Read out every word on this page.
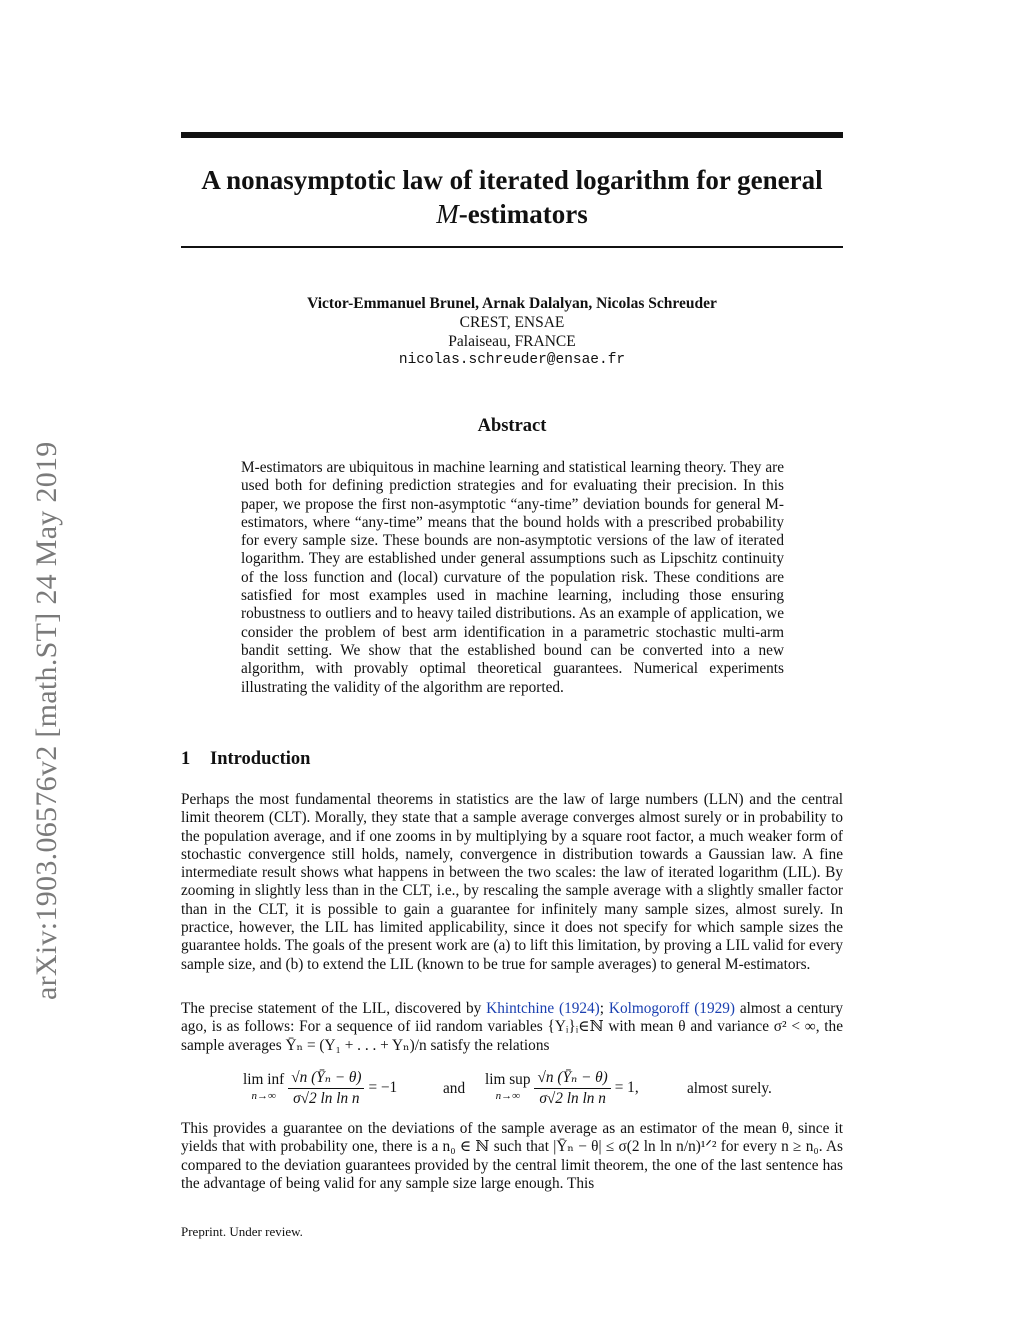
arXiv:1903.06576v2 [math.ST] 24 May 2019
A nonasymptotic law of iterated logarithm for general
M-estimators
Victor-Emmanuel Brunel, Arnak Dalalyan, Nicolas Schreuder
CREST, ENSAE
Palaiseau, FRANCE
nicolas.schreuder@ensae.fr
Abstract

M-estimators are ubiquitous in machine learning and statistical learning theory. They are used both for defining prediction strategies and for evaluating their precision. In this paper, we propose the first non-asymptotic “any-time” deviation bounds for general M-estimators, where “any-time” means that the bound holds with a prescribed probability for every sample size. These bounds are non-asymptotic versions of the law of iterated logarithm. They are established under general assumptions such as Lipschitz continuity of the loss function and (local) curvature of the population risk. These conditions are satisfied for most examples used in machine learning, including those ensuring robustness to outliers and to heavy tailed distributions. As an example of application, we consider the problem of best arm identification in a parametric stochastic multi-arm bandit setting. We show that the established bound can be converted into a new algorithm, with provably optimal theoretical guarantees. Numerical experiments illustrating the validity of the algorithm are reported.

1 Introduction

Perhaps the most fundamental theorems in statistics are the law of large numbers (LLN) and the central limit theorem (CLT). Morally, they state that a sample average converges almost surely or in probability to the population average, and if one zooms in by multiplying by a square root factor, a much weaker form of stochastic convergence still holds, namely, convergence in distribution towards a Gaussian law. A fine intermediate result shows what happens in between the two scales: the law of iterated logarithm (LIL). By zooming in slightly less than in the CLT, i.e., by rescaling the sample average with a slightly smaller factor than in the CLT, it is possible to gain a guarantee for infinitely many sample sizes, almost surely. In practice, however, the LIL has limited applicability, since it does not specify for which sample sizes the guarantee holds. The goals of the present work are (a) to lift this limitation, by proving a LIL valid for every sample size, and (b) to extend the LIL (known to be true for sample averages) to general M-estimators.

The precise statement of the LIL, discovered by Khintchine (1924); Kolmogoroff (1929) almost a century ago, is as follows: For a sequence of iid random variables {Yᵢ}ᵢ∈ℕ with mean θ and variance σ² < ∞, the sample averages Ȳₙ = (Y₁ + . . . + Yₙ)/n satisfy the relations

lim inf
$n\to\infty \frac{\text{√n (Ȳₙ − θ)}}{\text{σ√2 ln ln n}} = -1$	and
lim sup
$n\to\infty \frac{\text{√n (Ȳₙ − θ)}}{\text{σ√2 ln ln n}} = 1$,	almost surely.

This provides a guarantee on the deviations of the sample average as an estimator of the mean θ, since it yields that with probability one, there is a n₀ ∈ ℕ such that |Ȳₙ − θ| ≤ σ(2 ln ln n/n)¹ᐟ² for every n ≥ n₀. As compared to the deviation guarantees provided by the central limit theorem, the one of the last sentence has the advantage of being valid for any sample size large enough. This

Preprint. Under review.
